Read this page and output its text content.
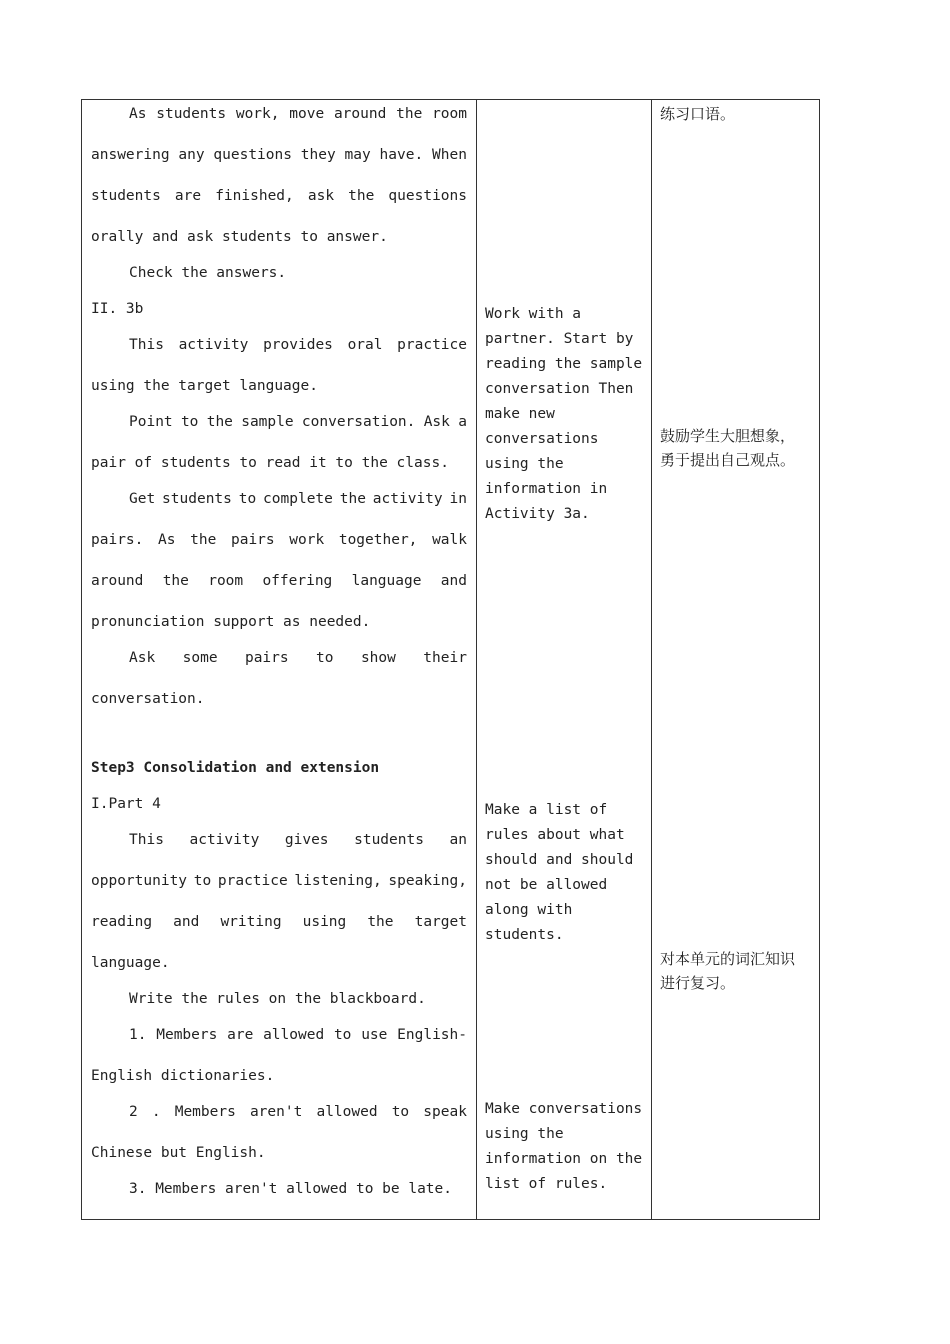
As students work, move around the room
answering any questions they may have. When
students are finished, ask the questions
orally and ask students to answer.
Check the answers.
II. 3b
This activity provides oral practice
using the target language.
Point to the sample conversation. Ask a
pair of students to read it to the class.
Get students to complete the activity in
pairs. As the pairs work together, walk
around the room offering language and
pronunciation support as needed.
Ask some pairs to show their
conversation.
Step3 Consolidation and extension
I.Part 4
This activity gives students an
opportunity to practice listening, speaking,
reading and writing using the target
language.
Write the rules on the blackboard.
1. Members are allowed to use English-
English dictionaries.
2 . Members aren't allowed to speak
Chinese but English.
3. Members aren't allowed to be late.
Work with a
partner. Start by
reading the sample
conversation Then
make new
conversations
using the
information in
Activity 3a.
Make a list of
rules about what
should and should
not be allowed
along with
students.
Make conversations
using the
information on the
list of rules.
练习口语。
鼓励学生大胆想象，
勇于提出自己观点。
对本单元的词汇知识
进行复习。
